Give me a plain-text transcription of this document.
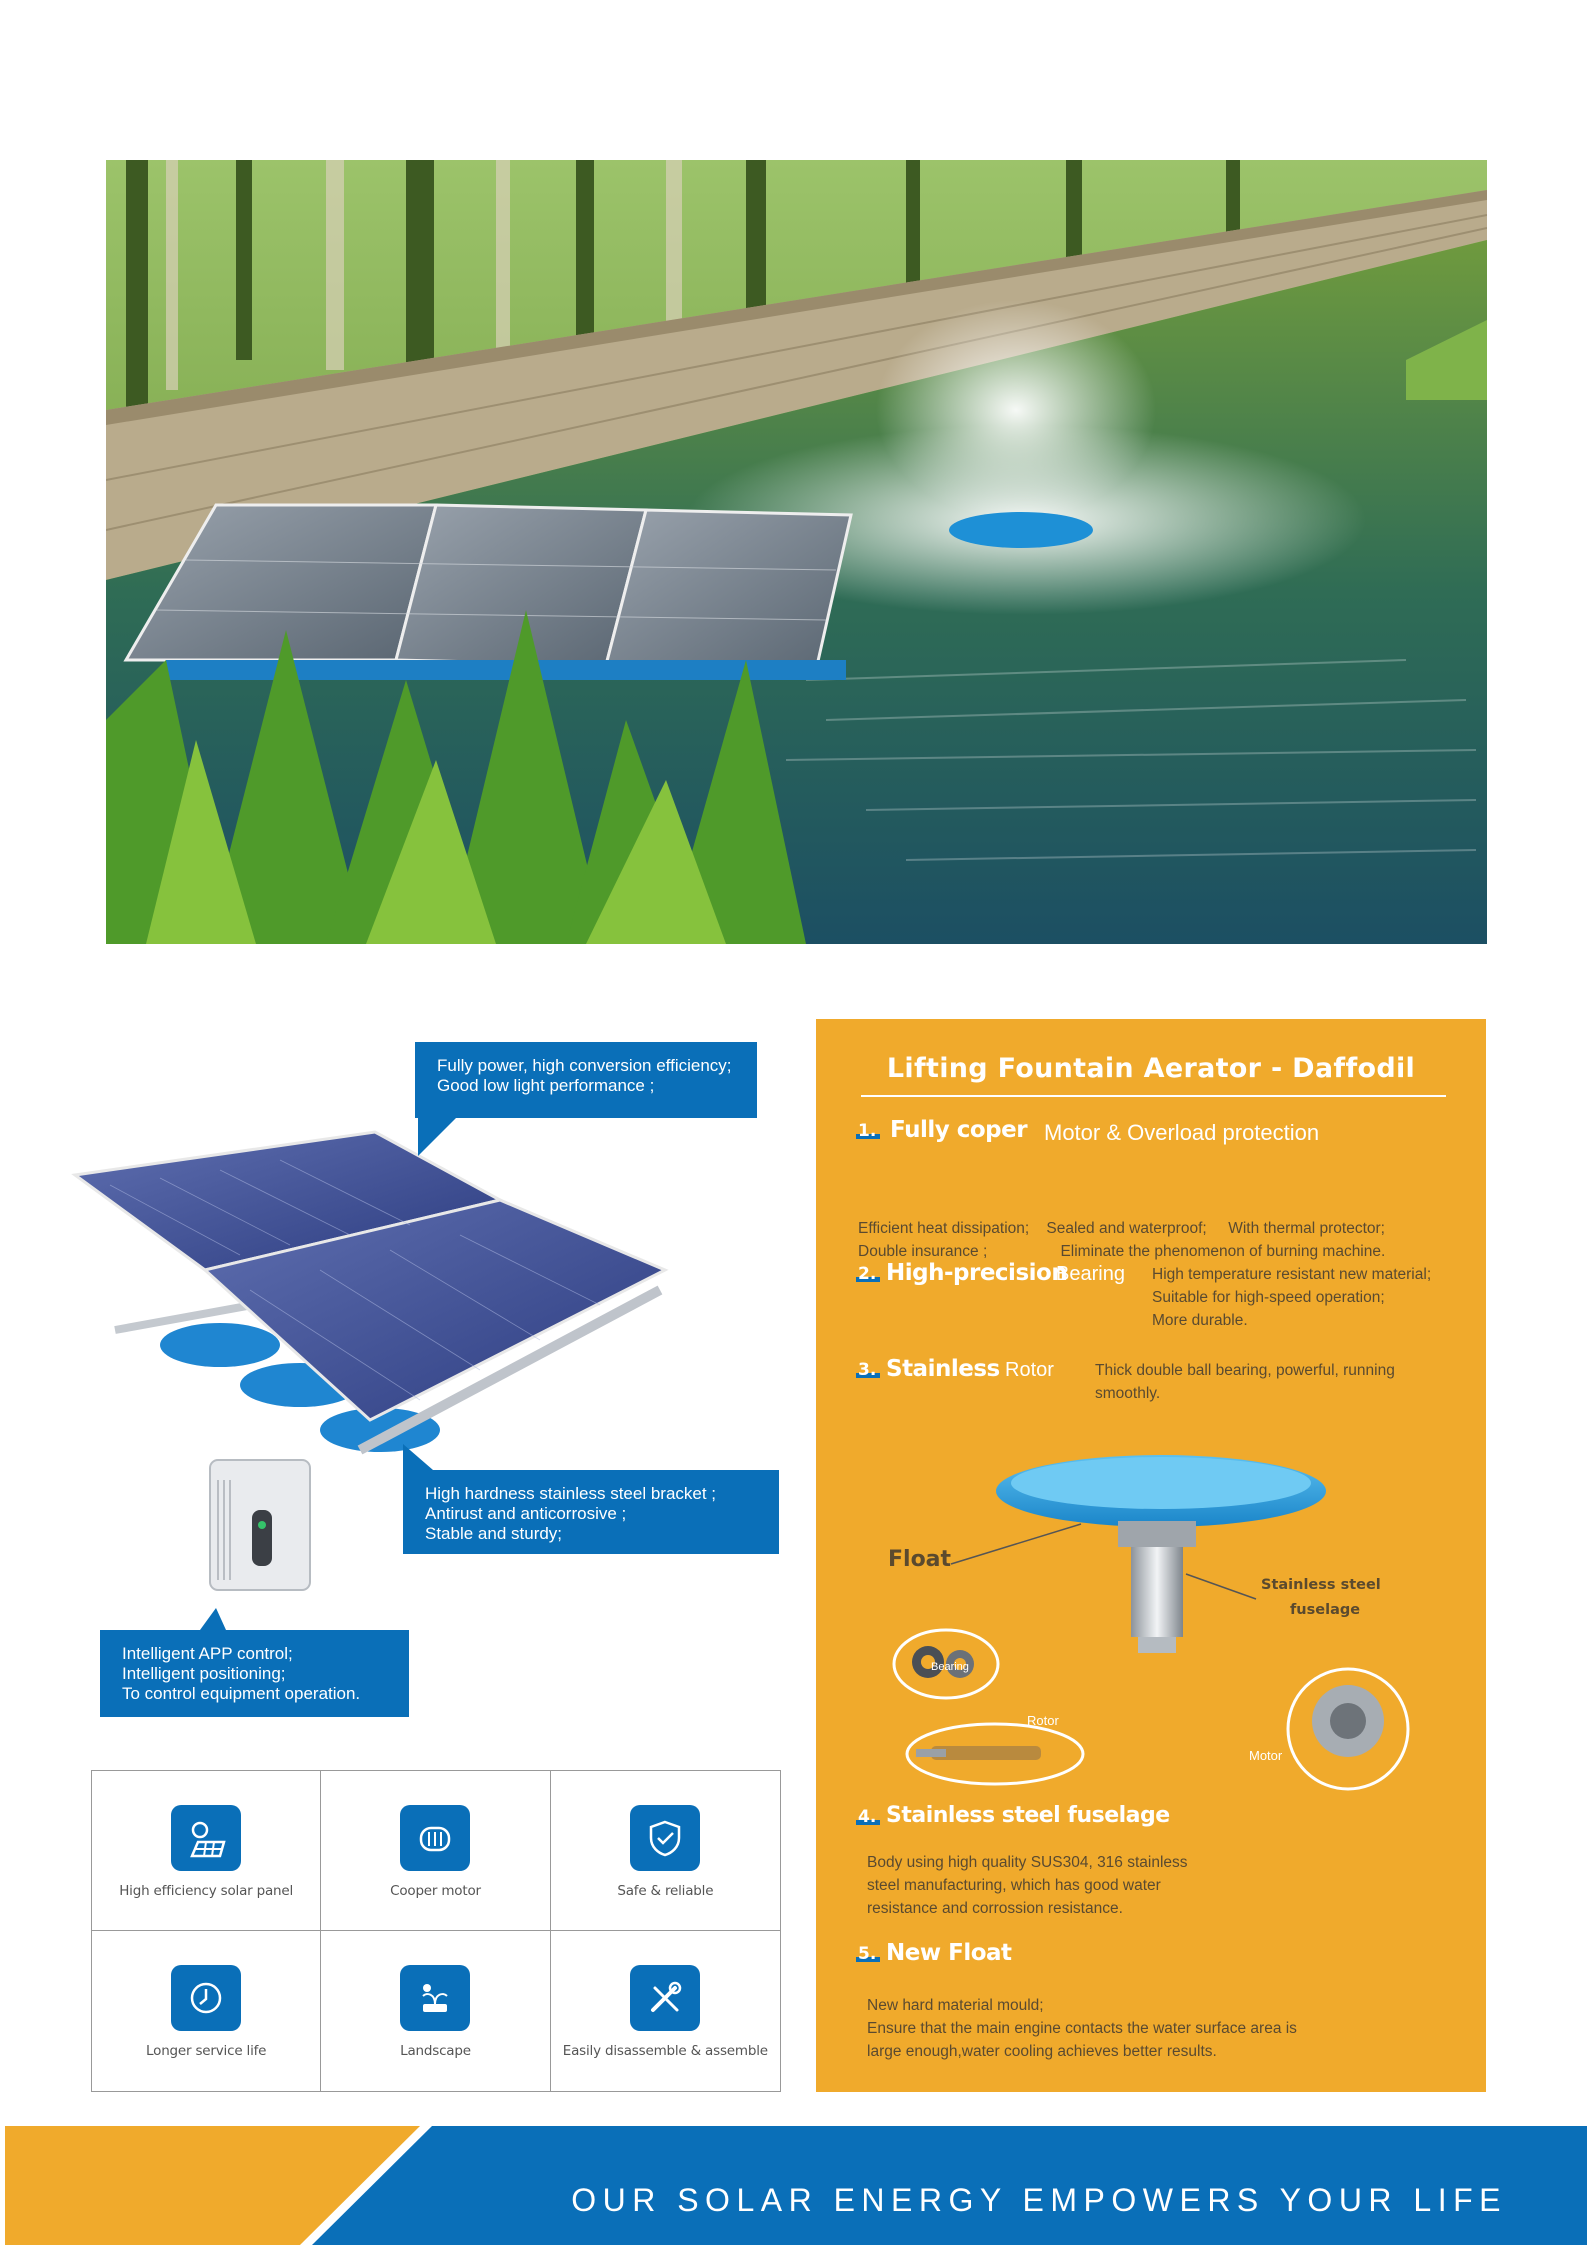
Fully power, high conversion efficiency;
Good low light performance ;
High hardness stainless steel bracket ;
Antirust and anticorrosive ;
Stable and sturdy;
Intelligent APP control;
Intelligent positioning;
To control equipment operation.
High efficiency solar panel	Cooper motor	Safe & reliable
Longer service life	Landscape	Easily disassemble & assemble
Lifting Fountain Aerator - Daffodil
1. Fully coper Motor & Overload protection

Efficient heat dissipation;    Sealed and waterproof;     With thermal protector;
Double insurance ;                 Eliminate the phenomenon of burning machine.

2. High-precision
Bearing High temperature resistant new material;
Suitable for high-speed operation;
More durable.
3. Stainless Rotor	Thick double ball bearing, powerful, running
smoothly.
Float
Stainless steel
fuselage
Bearing
Rotor
Motor
4. Stainless steel fuselage
Body using high quality SUS304, 316 stainless
steel manufacturing, which has good water
resistance and corrossion resistance.
5. New Float
New hard material mould;
Ensure that the main engine contacts the water surface area is
large enough,water cooling achieves better results.
OUR SOLAR ENERGY EMPOWERS YOUR LIFE
